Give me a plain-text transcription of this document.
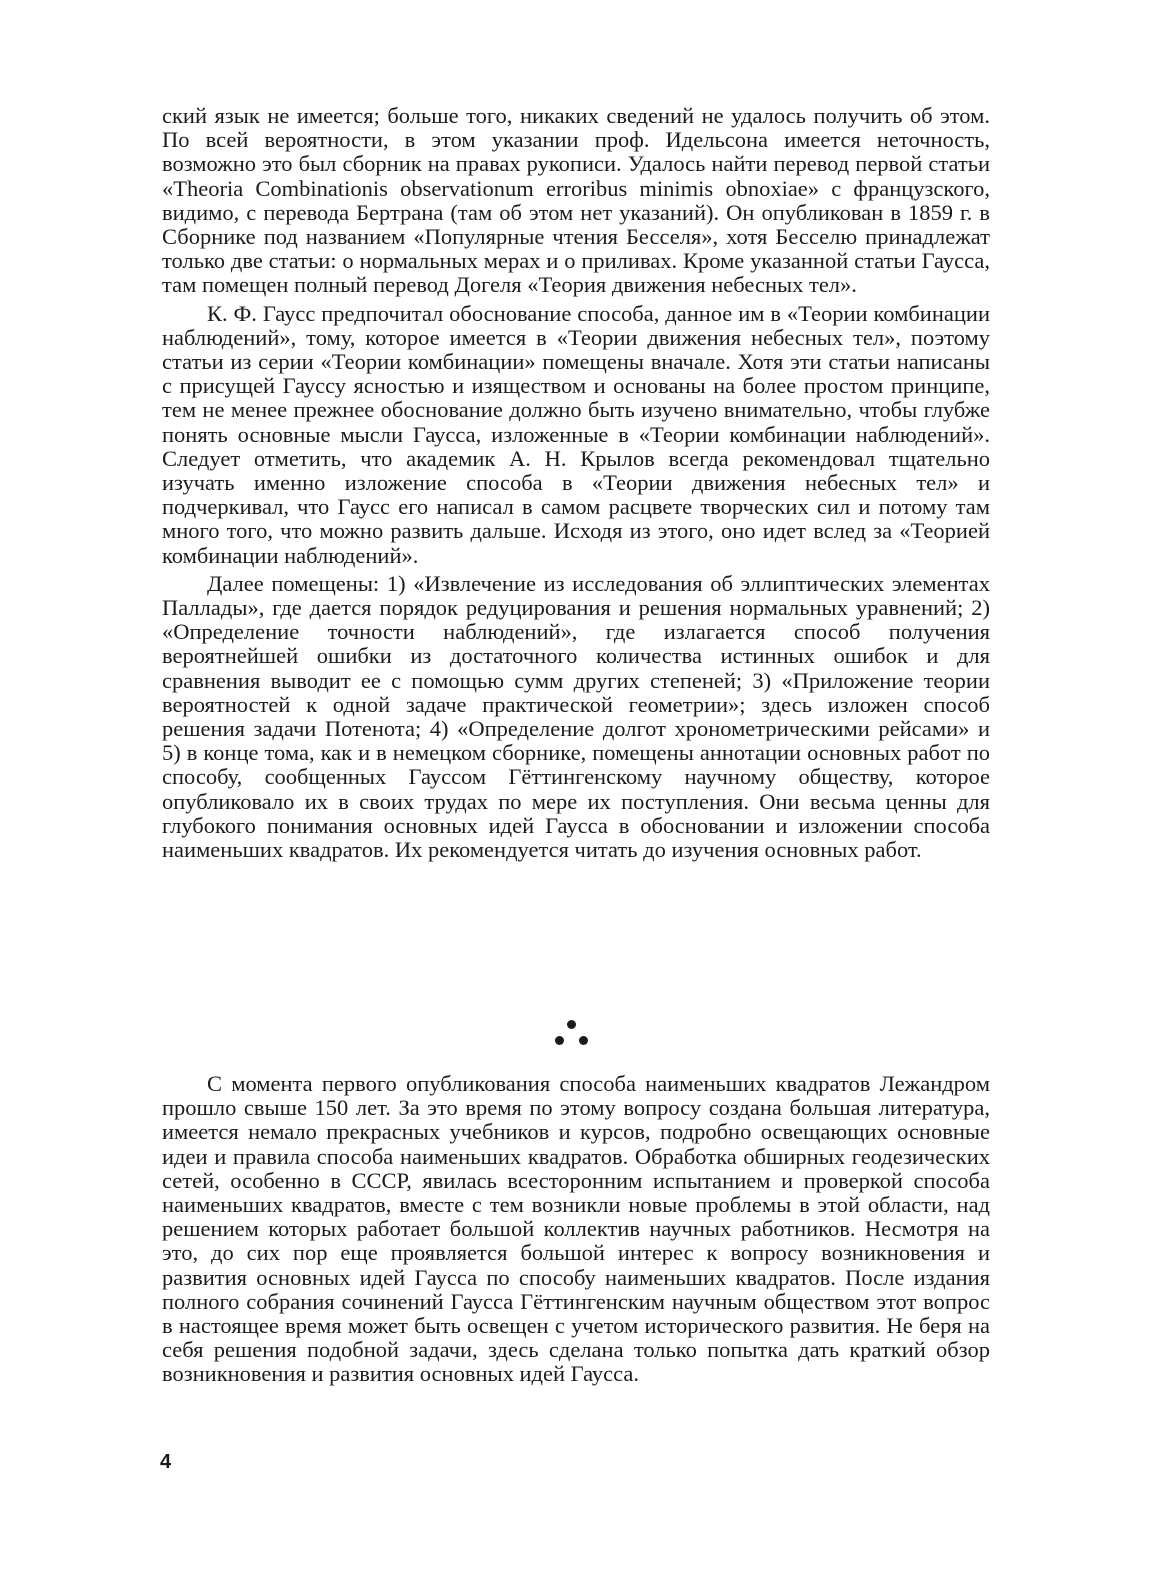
ский язык не имеется; больше того, никаких сведений не удалось получить об этом. По всей вероятности, в этом указании проф. Идельсона имеется неточность, возможно это был сборник на правах рукописи. Удалось найти перевод первой статьи «Theoria Combinationis observationum erroribus minimis obnoxiae» с французского, видимо, с перевода Бертрана (там об этом нет указаний). Он опубликован в 1859 г. в Сборнике под названием «Популярные чтения Бесселя», хотя Бесселю принадлежат только две статьи: о нормальных мерах и о приливах. Кроме указанной статьи Гаусса, там помещен полный перевод Догеля «Теория движения небесных тел».

К. Ф. Гаусс предпочитал обоснование способа, данное им в «Теории комбинации наблюдений», тому, которое имеется в «Теории движения небесных тел», поэтому статьи из серии «Теории комбинации» помещены вначале. Хотя эти статьи написаны с присущей Гауссу ясностью и изяществом и основаны на более простом принципе, тем не менее прежнее обоснование должно быть изучено внимательно, чтобы глубже понять основные мысли Гаусса, изложенные в «Теории комбинации наблюдений». Следует отметить, что академик А. Н. Крылов всегда рекомендовал тщательно изучать именно изложение способа в «Теории движения небесных тел» и подчеркивал, что Гаусс его написал в самом расцвете творческих сил и потому там много того, что можно развить дальше. Исходя из этого, оно идет вслед за «Теорией комбинации наблюдений».

Далее помещены: 1) «Извлечение из исследования об эллиптических элементах Паллады», где дается порядок редуцирования и решения нормальных уравнений; 2) «Определение точности наблюдений», где излагается способ получения вероятнейшей ошибки из достаточного количества истинных ошибок и для сравнения выводит ее с помощью сумм других степеней; 3) «Приложение теории вероятностей к одной задаче практической геометрии»; здесь изложен способ решения задачи Потенота; 4) «Определение долгот хронометрическими рейсами» и 5) в конце тома, как и в немецком сборнике, помещены аннотации основных работ по способу, сообщенных Гауссом Гёттингенскому научному обществу, которое опубликовало их в своих трудах по мере их поступления. Они весьма ценны для глубокого понимания основных идей Гаусса в обосновании и изложении способа наименьших квадратов. Их рекомендуется читать до изучения основных работ.

С момента первого опубликования способа наименьших квадратов Лежандром прошло свыше 150 лет. За это время по этому вопросу создана большая литература, имеется немало прекрасных учебников и курсов, подробно освещающих основные идеи и правила способа наименьших квадратов. Обработка обширных геодезических сетей, особенно в СССР, явилась всесторонним испытанием и проверкой способа наименьших квадратов, вместе с тем возникли новые проблемы в этой области, над решением которых работает большой коллектив научных работников. Несмотря на это, до сих пор еще проявляется большой интерес к вопросу возникновения и развития основных идей Гаусса по способу наименьших квадратов. После издания полного собрания сочинений Гаусса Гёттингенским научным обществом этот вопрос в настоящее время может быть освещен с учетом исторического развития. Не беря на себя решения подобной задачи, здесь сделана только попытка дать краткий обзор возникновения и развития основных идей Гаусса.

4
